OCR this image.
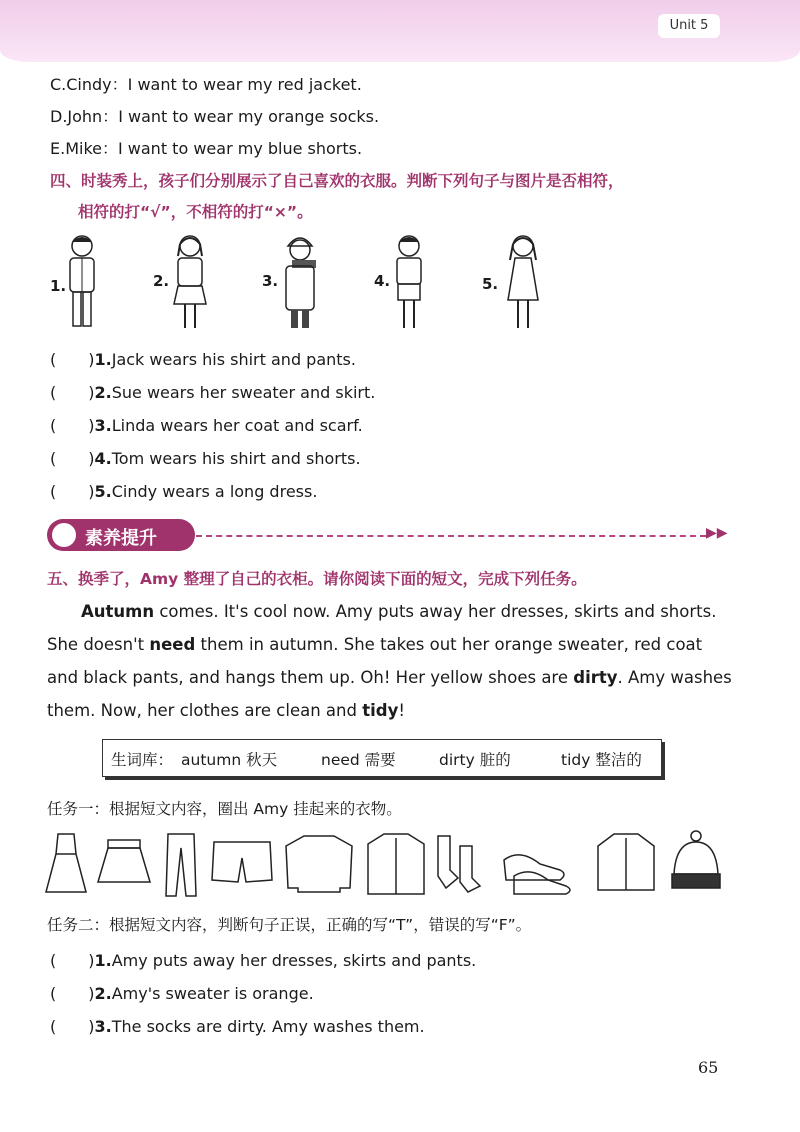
Unit 5
C.Cindy：I want to wear my red jacket.
D.John：I want to wear my orange socks.
E.Mike：I want to wear my blue shorts.
四、时装秀上，孩子们分别展示了自己喜欢的衣服。判断下列句子与图片是否相符，
相符的打“√”，不相符的打“×”。
1.	2.	3.	4.	5.
(　　)1.Jack wears his shirt and pants.
(　　)2.Sue wears her sweater and skirt.
(　　)3.Linda wears her coat and scarf.
(　　)4.Tom wears his shirt and shorts.
(　　)5.Cindy wears a long dress.
素养提升	▶▶
五、换季了，Amy 整理了自己的衣柜。请你阅读下面的短文，完成下列任务。
Autumn comes. It's cool now. Amy puts away her dresses, skirts and shorts. She doesn't need them in autumn. She takes out her orange sweater, red coat and black pants, and hangs them up. Oh! Her yellow shoes are dirty. Amy washes them. Now, her clothes are clean and tidy!
生词库： autumn 秋天	need 需要	dirty 脏的	tidy 整洁的
任务一：根据短文内容，圈出 Amy 挂起来的衣物。
任务二：根据短文内容，判断句子正误，正确的写“T”，错误的写“F”。
(　　)1.Amy puts away her dresses, skirts and pants.
(　　)2.Amy's sweater is orange.
(　　)3.The socks are dirty. Amy washes them.
65
